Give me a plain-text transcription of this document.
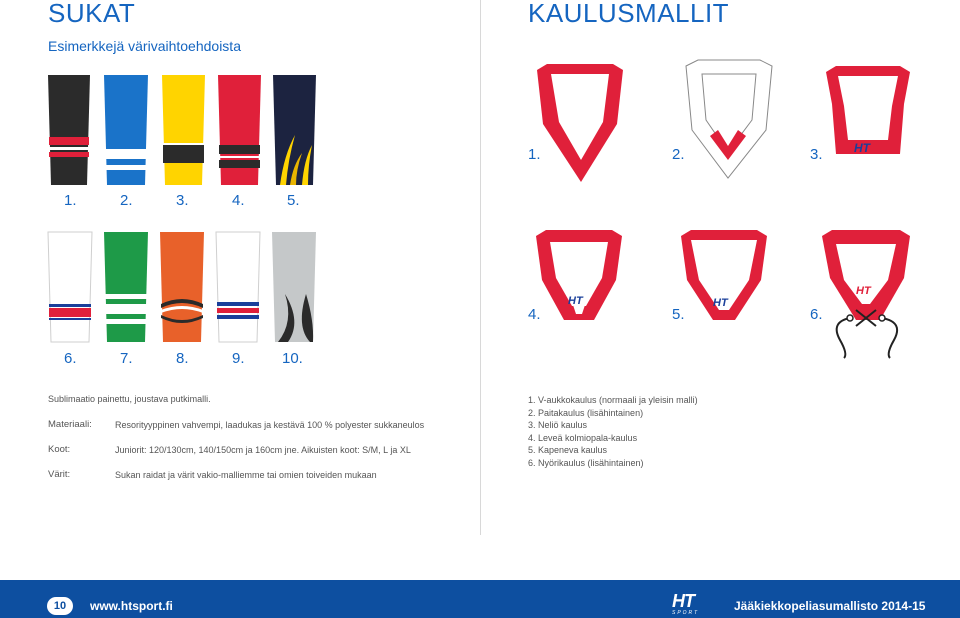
SUKAT
Esimerkkejä värivaihtoehdoista
1.	2.	3.	4.	5.
6.	7.	8.	9. 10.
Sublimaatio painettu, joustava putkimalli.
Materiaali:	Resorityyppinen vahvempi, laadukas ja kestävä 100 % polyester sukkaneulos
Koot:	Juniorit: 120/130cm, 140/150cm ja 160cm jne. Aikuisten koot: S/M, L ja XL
Värit:	Sukan raidat ja värit vakio-malliemme tai omien toiveiden mukaan
KAULUSMALLIT
HT
1.	2.	3.
HT	HT
HT
4.	5.	6.
1. V-aukkokaulus (normaali ja yleisin malli)
2. Paitakaulus (lisähintainen)
3. Neliö kaulus
4. Leveä kolmiopala-kaulus
5. Kapeneva kaulus
6. Nyörikaulus (lisähintainen)
10	www.htsport.fi	HT
SPORT	Jääkiekkopeliasumallisto 2014-15
